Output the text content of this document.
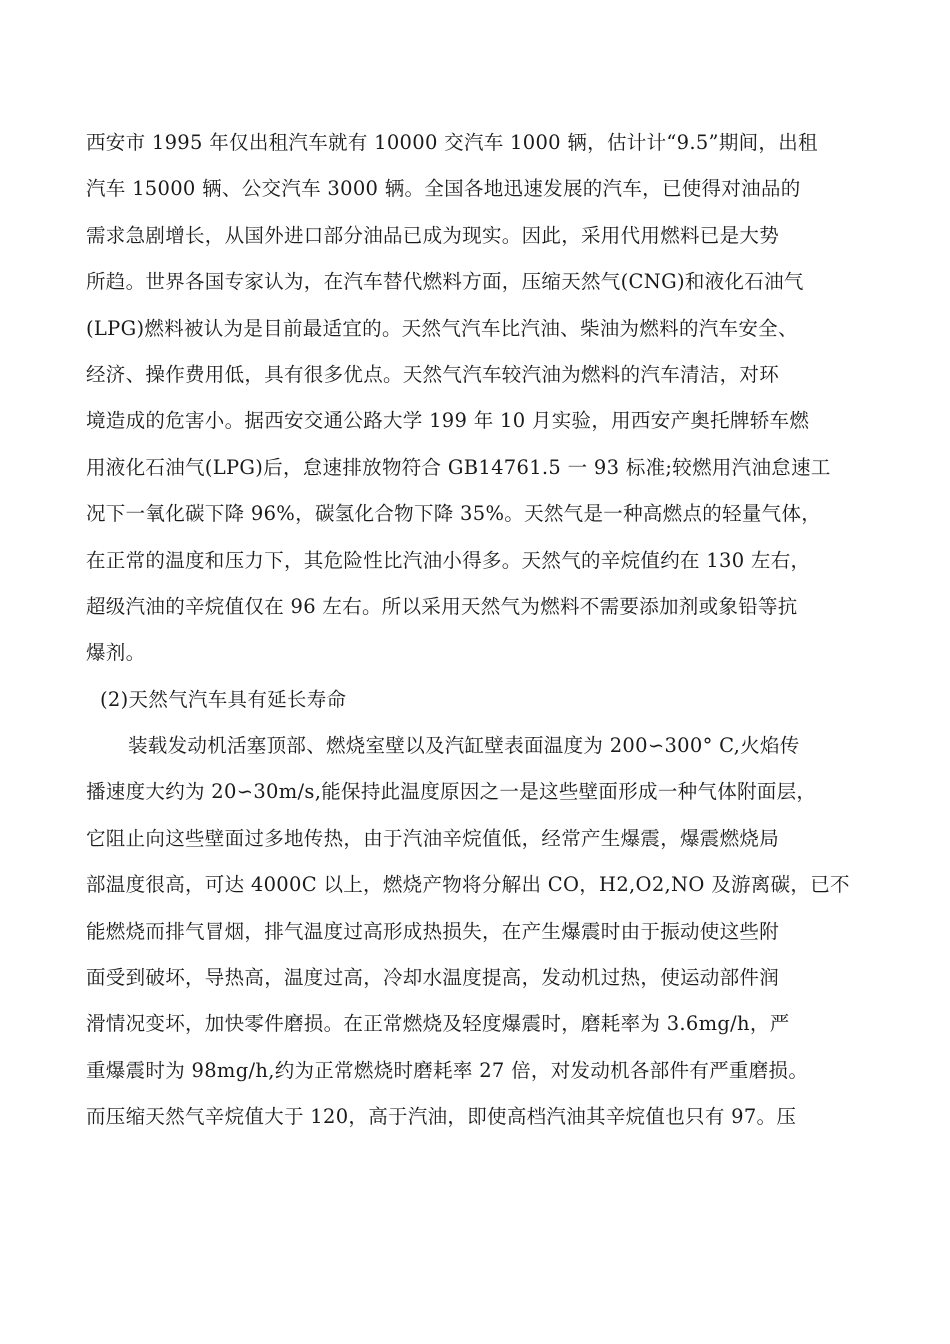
西安市 1995 年仅出租汽车就有 10000 交汽车 1000 辆，估计计“9.5”期间，出租
汽车 15000 辆、公交汽车 3000 辆。全国各地迅速发展的汽车，已使得对油品的
需求急剧增长，从国外进口部分油品已成为现实。因此，采用代用燃料已是大势
所趋。世界各国专家认为，在汽车替代燃料方面，压缩天然气(CNG)和液化石油气
(LPG)燃料被认为是目前最适宜的。天然气汽车比汽油、柴油为燃料的汽车安全、
经济、操作费用低，具有很多优点。天然气汽车较汽油为燃料的汽车清洁，对环
境造成的危害小。据西安交通公路大学 199 年 10 月实验，用西安产奥托牌轿车燃
用液化石油气(LPG)后，怠速排放物符合 GB14761.5 一 93 标准;较燃用汽油怠速工
况下一氧化碳下降 96%，碳氢化合物下降 35%。天然气是一种高燃点的轻量气体，
在正常的温度和压力下，其危险性比汽油小得多。天然气的辛烷值约在 130 左右，
超级汽油的辛烷值仅在 96 左右。所以采用天然气为燃料不需要添加剂或象铅等抗
爆剂。
(2)天然气汽车具有延长寿命
装载发动机活塞顶部、燃烧室壁以及汽缸壁表面温度为 200∽300° C,火焰传
播速度大约为 20∽30m/s,能保持此温度原因之一是这些壁面形成一种气体附面层，
它阻止向这些壁面过多地传热，由于汽油辛烷值低，经常产生爆震，爆震燃烧局
部温度很高，可达 4000C 以上，燃烧产物将分解出 CO，H2,O2,NO 及游离碳，已不
能燃烧而排气冒烟，排气温度过高形成热损失，在产生爆震时由于振动使这些附
面受到破坏，导热高，温度过高，冷却水温度提高，发动机过热，使运动部件润
滑情况变坏，加快零件磨损。在正常燃烧及轻度爆震时，磨耗率为 3.6mg/h，严
重爆震时为 98mg/h,约为正常燃烧时磨耗率 27 倍，对发动机各部件有严重磨损。
而压缩天然气辛烷值大于 120，高于汽油，即使高档汽油其辛烷值也只有 97。压
